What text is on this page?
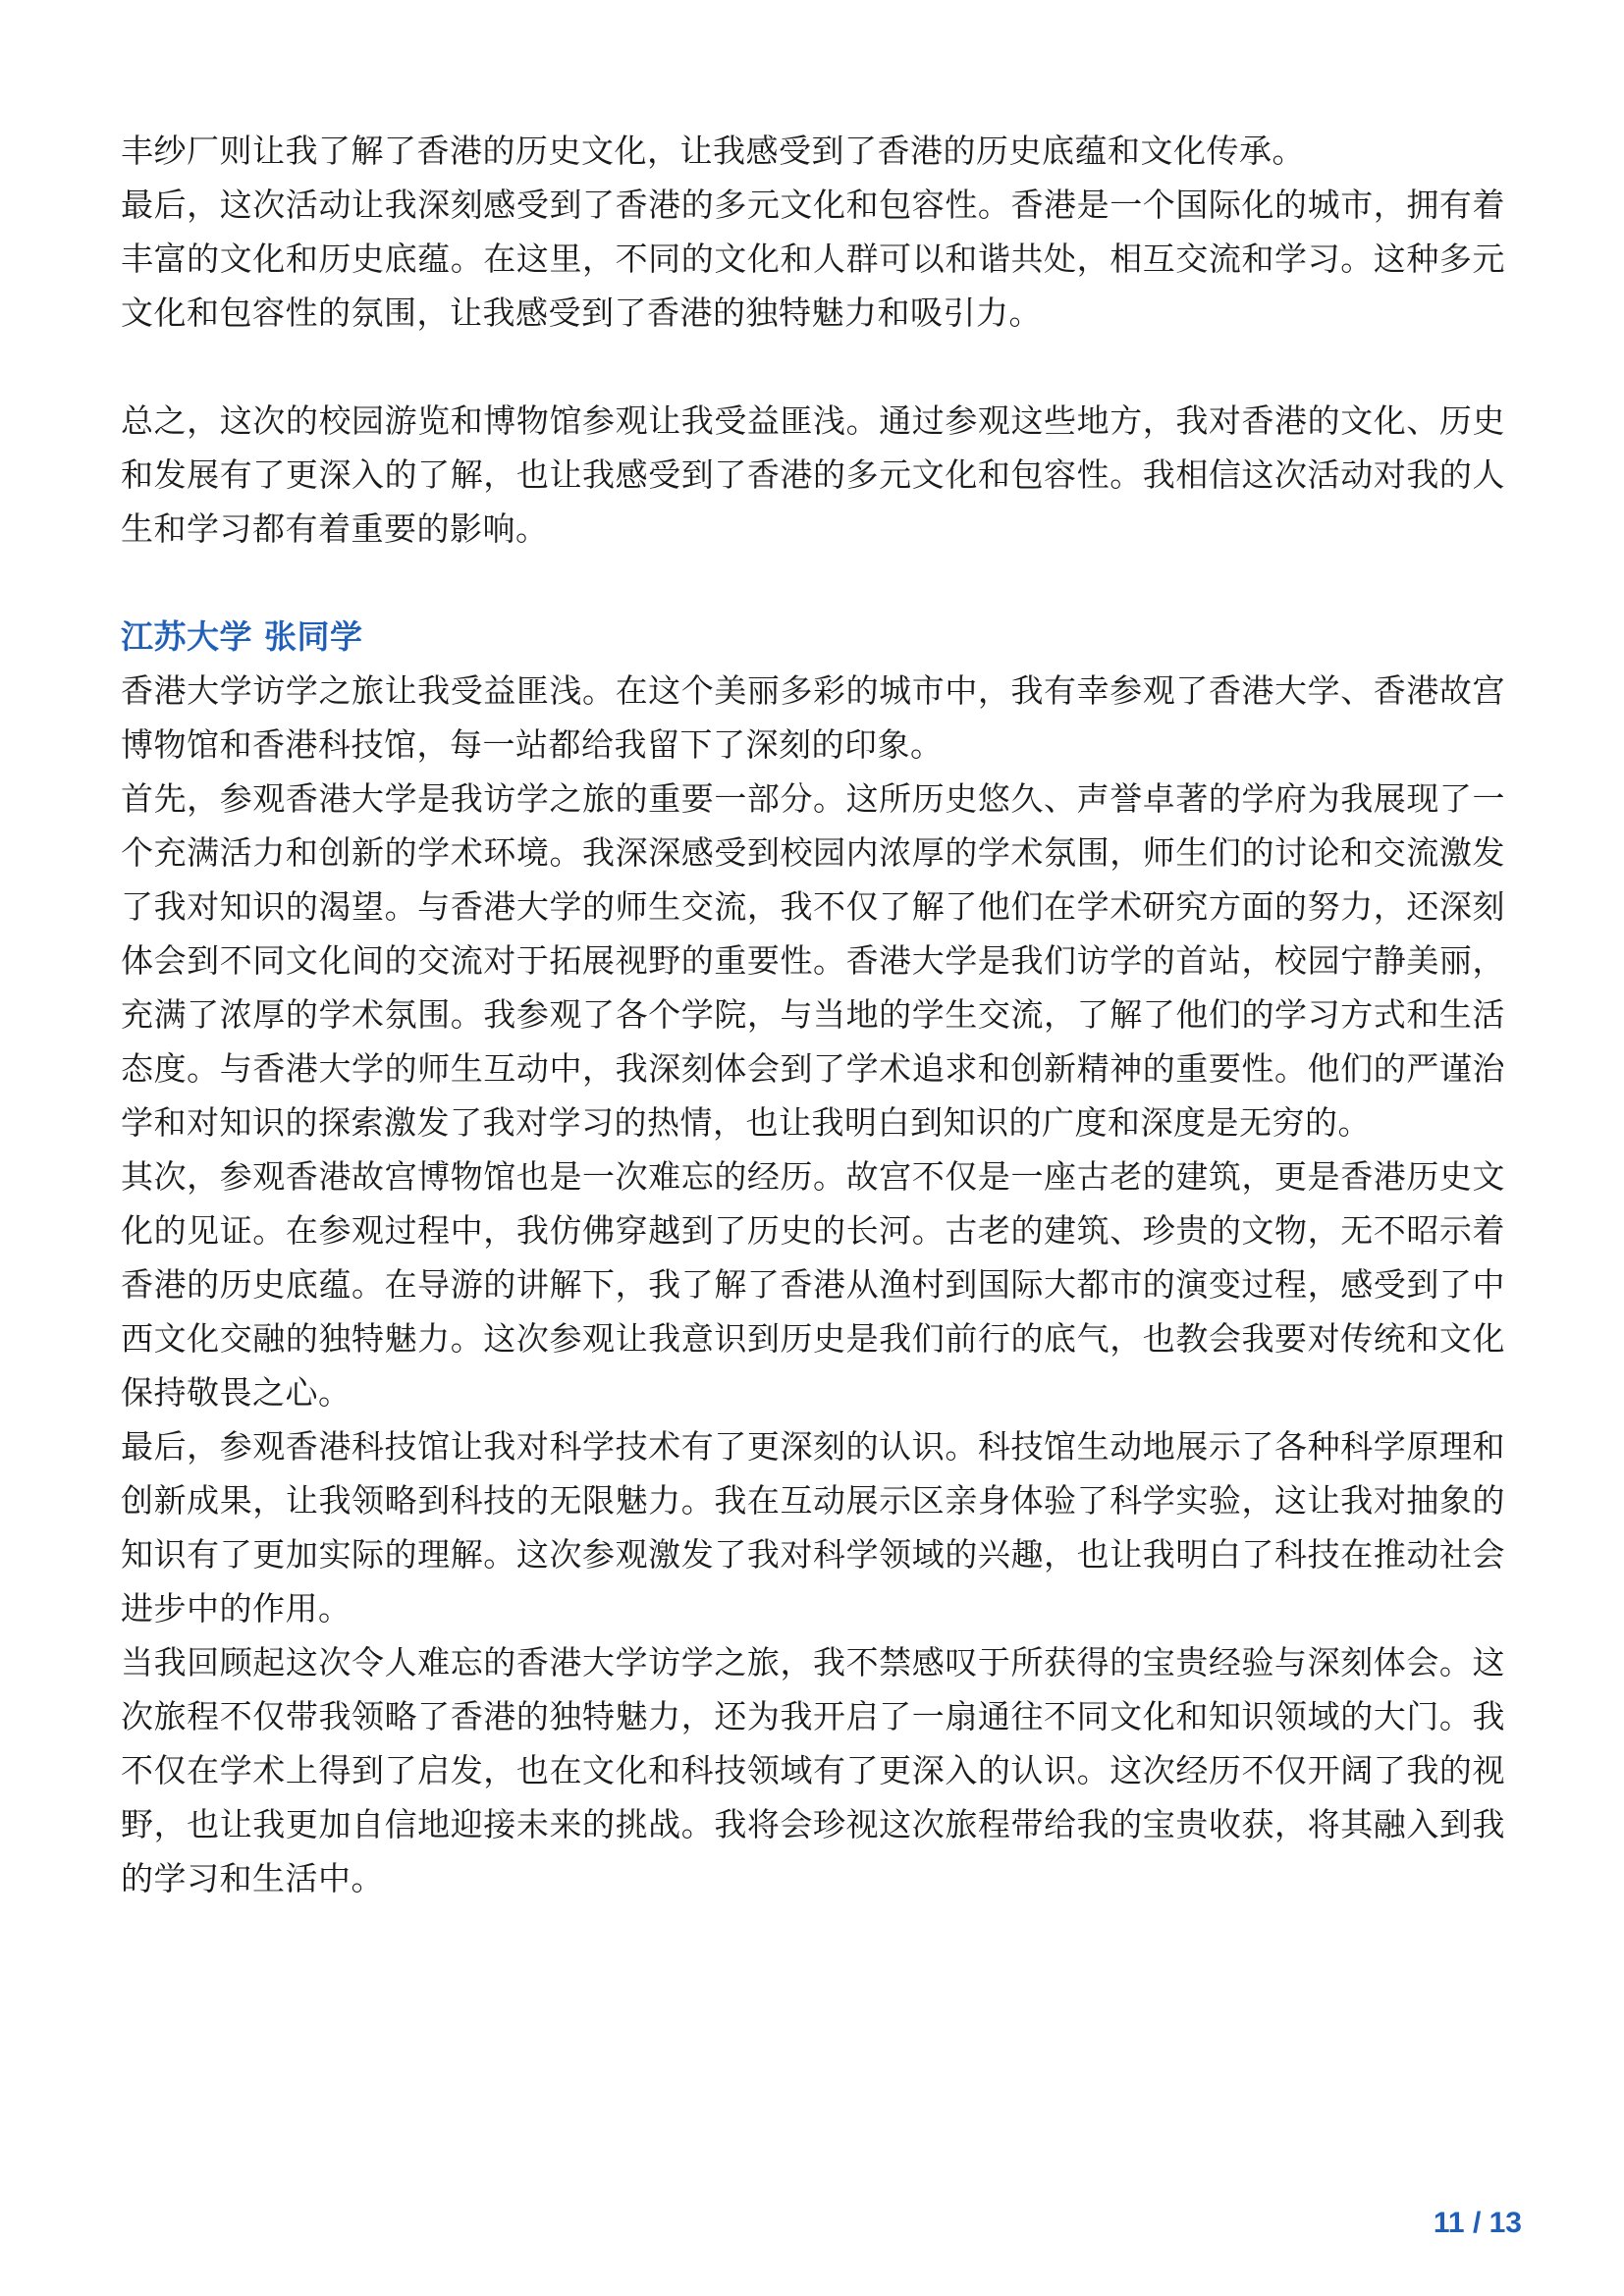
丰纱厂则让我了解了香港的历史文化，让我感受到了香港的历史底蕴和文化传承。

最后，这次活动让我深刻感受到了香港的多元文化和包容性。香港是一个国际化的城市，拥有着丰富的文化和历史底蕴。在这里，不同的文化和人群可以和谐共处，相互交流和学习。这种多元文化和包容性的氛围，让我感受到了香港的独特魅力和吸引力。

总之，这次的校园游览和博物馆参观让我受益匪浅。通过参观这些地方，我对香港的文化、历史和发展有了更深入的了解，也让我感受到了香港的多元文化和包容性。我相信这次活动对我的人生和学习都有着重要的影响。

江苏大学 张同学

香港大学访学之旅让我受益匪浅。在这个美丽多彩的城市中，我有幸参观了香港大学、香港故宫博物馆和香港科技馆，每一站都给我留下了深刻的印象。

首先，参观香港大学是我访学之旅的重要一部分。这所历史悠久、声誉卓著的学府为我展现了一个充满活力和创新的学术环境。我深深感受到校园内浓厚的学术氛围，师生们的讨论和交流激发了我对知识的渴望。与香港大学的师生交流，我不仅了解了他们在学术研究方面的努力，还深刻体会到不同文化间的交流对于拓展视野的重要性。香港大学是我们访学的首站，校园宁静美丽，充满了浓厚的学术氛围。我参观了各个学院，与当地的学生交流，了解了他们的学习方式和生活态度。与香港大学的师生互动中，我深刻体会到了学术追求和创新精神的重要性。他们的严谨治学和对知识的探索激发了我对学习的热情，也让我明白到知识的广度和深度是无穷的。

其次，参观香港故宫博物馆也是一次难忘的经历。故宫不仅是一座古老的建筑，更是香港历史文化的见证。在参观过程中，我仿佛穿越到了历史的长河。古老的建筑、珍贵的文物，无不昭示着香港的历史底蕴。在导游的讲解下，我了解了香港从渔村到国际大都市的演变过程，感受到了中西文化交融的独特魅力。这次参观让我意识到历史是我们前行的底气，也教会我要对传统和文化保持敬畏之心。

最后，参观香港科技馆让我对科学技术有了更深刻的认识。科技馆生动地展示了各种科学原理和创新成果，让我领略到科技的无限魅力。我在互动展示区亲身体验了科学实验，这让我对抽象的知识有了更加实际的理解。这次参观激发了我对科学领域的兴趣，也让我明白了科技在推动社会进步中的作用。

当我回顾起这次令人难忘的香港大学访学之旅，我不禁感叹于所获得的宝贵经验与深刻体会。这次旅程不仅带我领略了香港的独特魅力，还为我开启了一扇通往不同文化和知识领域的大门。我不仅在学术上得到了启发，也在文化和科技领域有了更深入的认识。这次经历不仅开阔了我的视野，也让我更加自信地迎接未来的挑战。我将会珍视这次旅程带给我的宝贵收获，将其融入到我的学习和生活中。

11 / 13
